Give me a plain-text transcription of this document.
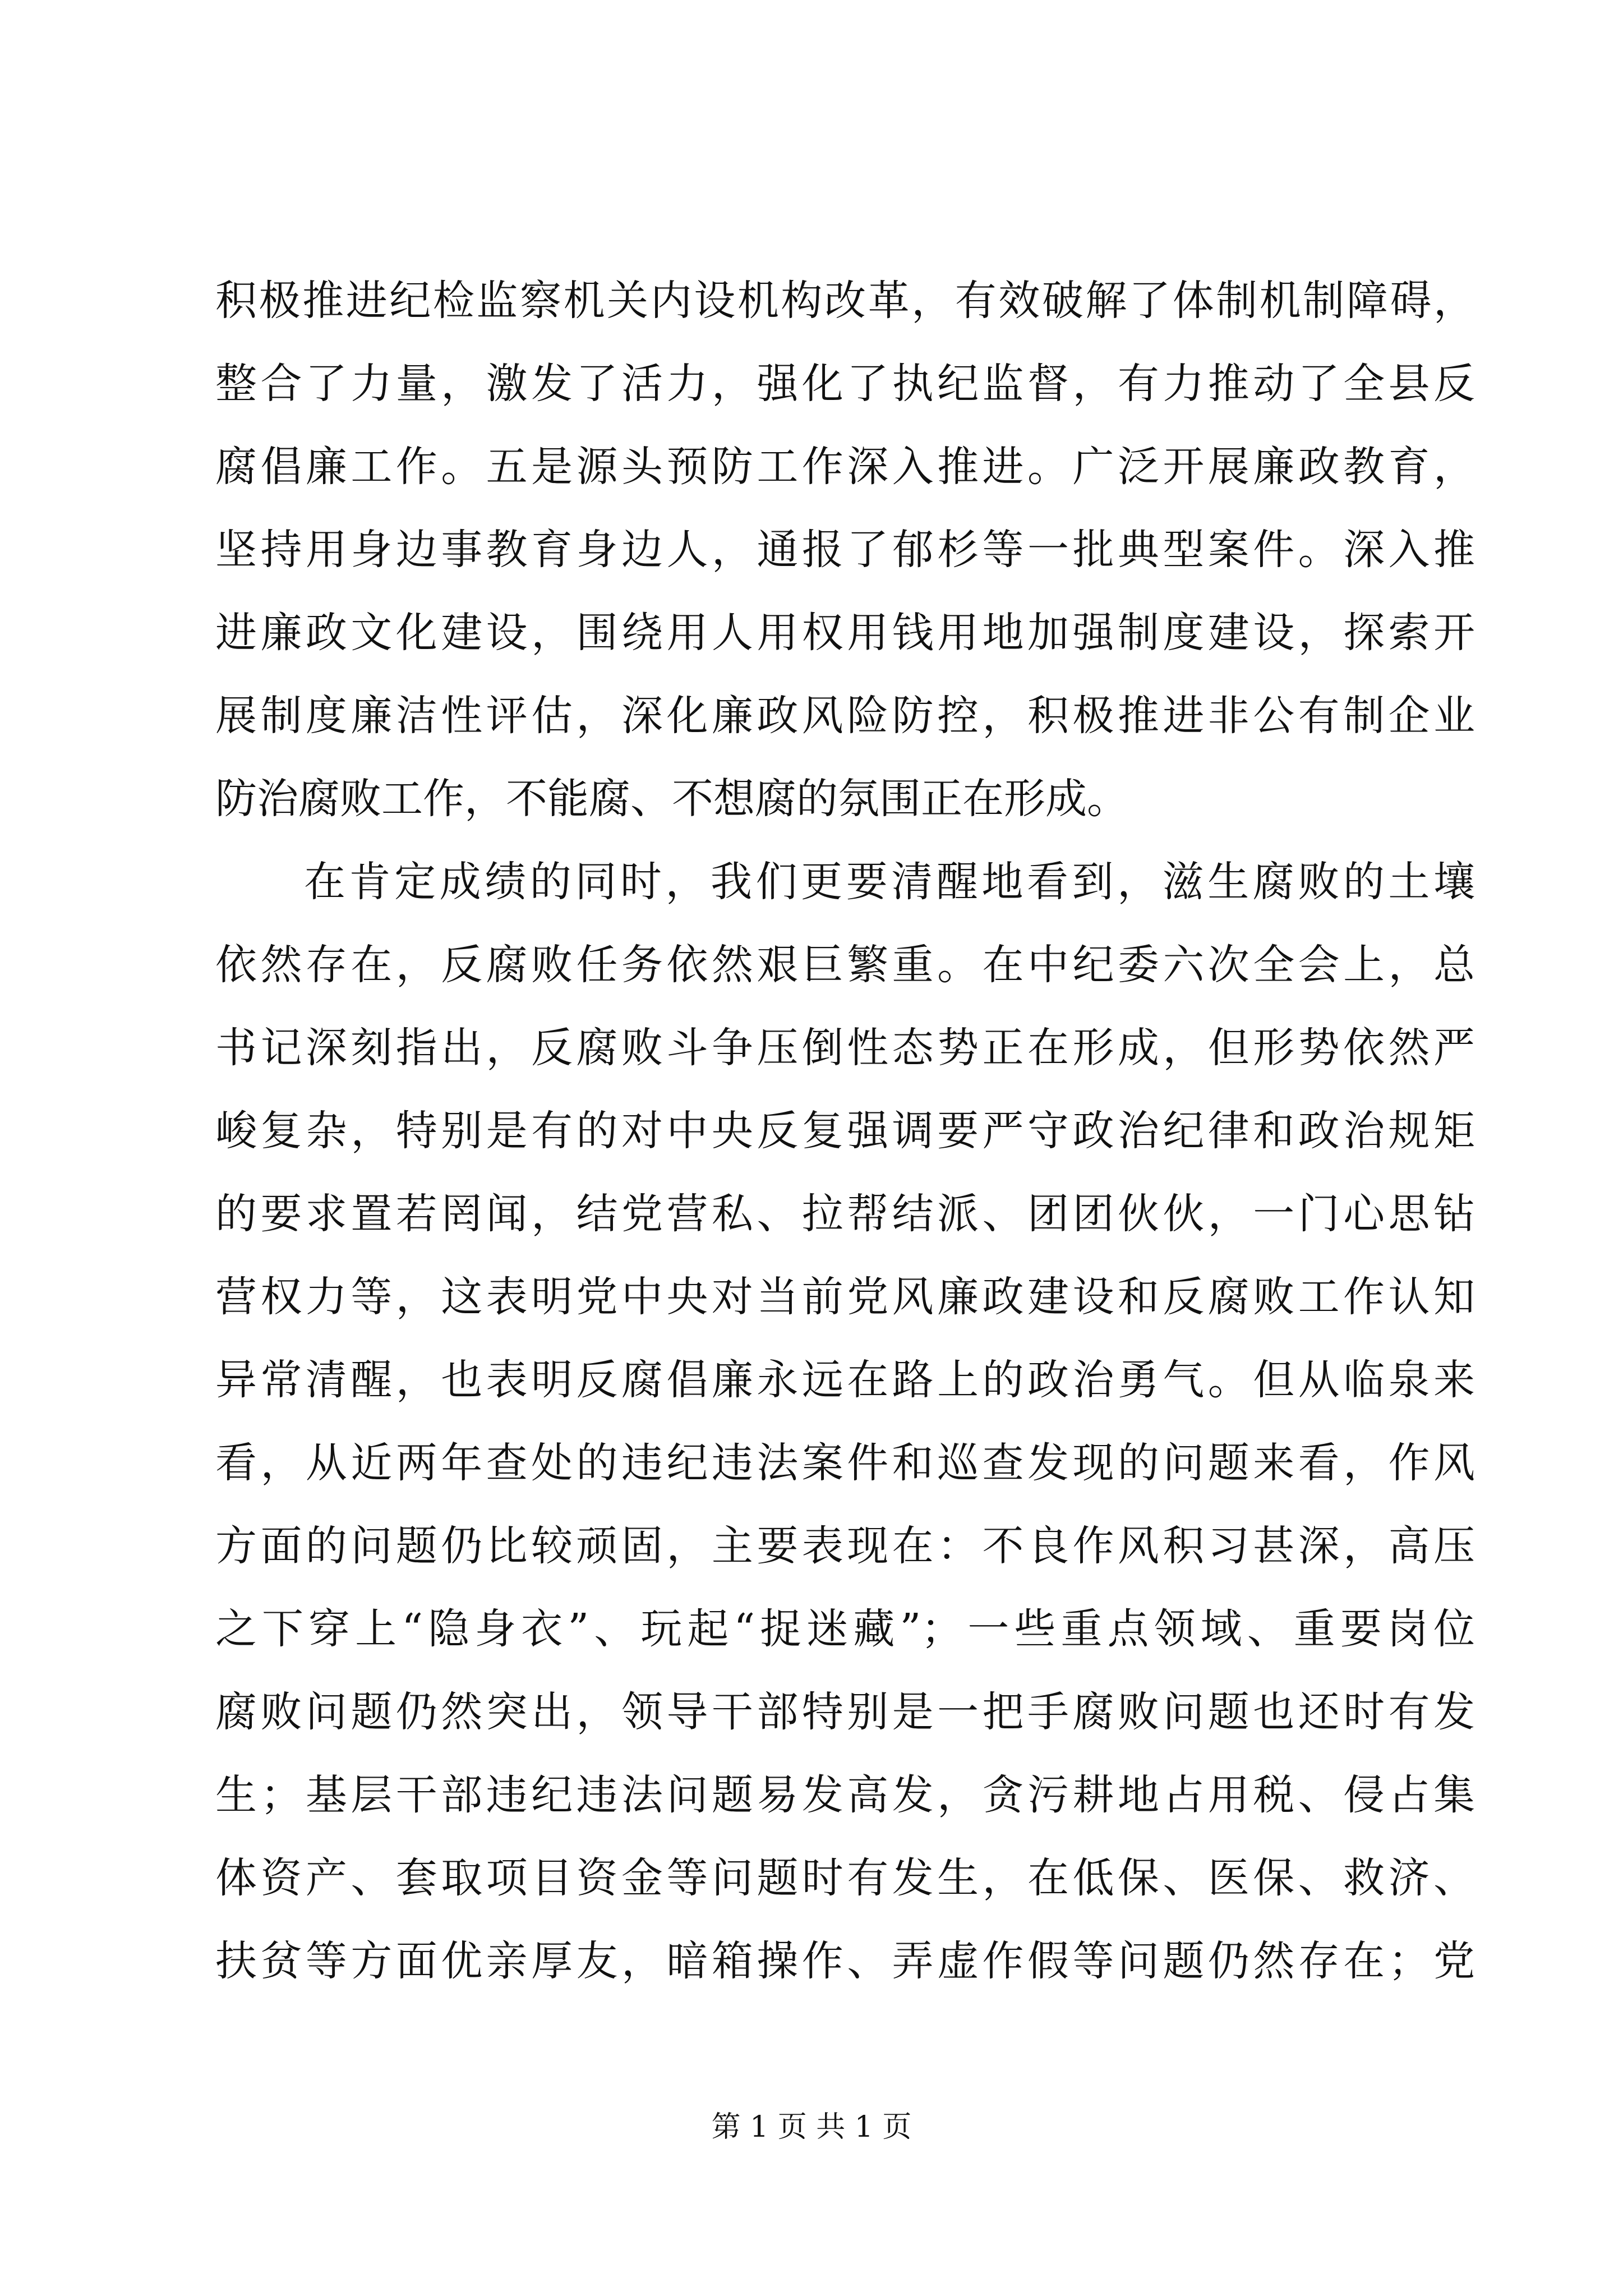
积极推进纪检监察机关内设机构改革，有效破解了体制机制障碍，
整合了力量，激发了活力，强化了执纪监督，有力推动了全县反
腐倡廉工作。五是源头预防工作深入推进。广泛开展廉政教育，
坚持用身边事教育身边人，通报了郁杉等一批典型案件。深入推
进廉政文化建设，围绕用人用权用钱用地加强制度建设，探索开
展制度廉洁性评估，深化廉政风险防控，积极推进非公有制企业
防治腐败工作，不能腐、不想腐的氛围正在形成。
在肯定成绩的同时，我们更要清醒地看到，滋生腐败的土壤
依然存在，反腐败任务依然艰巨繁重。在中纪委六次全会上，总
书记深刻指出，反腐败斗争压倒性态势正在形成，但形势依然严
峻复杂，特别是有的对中央反复强调要严守政治纪律和政治规矩
的要求置若罔闻，结党营私、拉帮结派、团团伙伙，一门心思钻
营权力等，这表明党中央对当前党风廉政建设和反腐败工作认知
异常清醒，也表明反腐倡廉永远在路上的政治勇气。但从临泉来
看，从近两年查处的违纪违法案件和巡查发现的问题来看，作风
方面的问题仍比较顽固，主要表现在：不良作风积习甚深，高压
之下穿上“隐身衣”、玩起“捉迷藏”；一些重点领域、重要岗位
腐败问题仍然突出，领导干部特别是一把手腐败问题也还时有发
生；基层干部违纪违法问题易发高发，贪污耕地占用税、侵占集
体资产、套取项目资金等问题时有发生，在低保、医保、救济、
扶贫等方面优亲厚友，暗箱操作、弄虚作假等问题仍然存在；党
第 1 页 共 1 页
